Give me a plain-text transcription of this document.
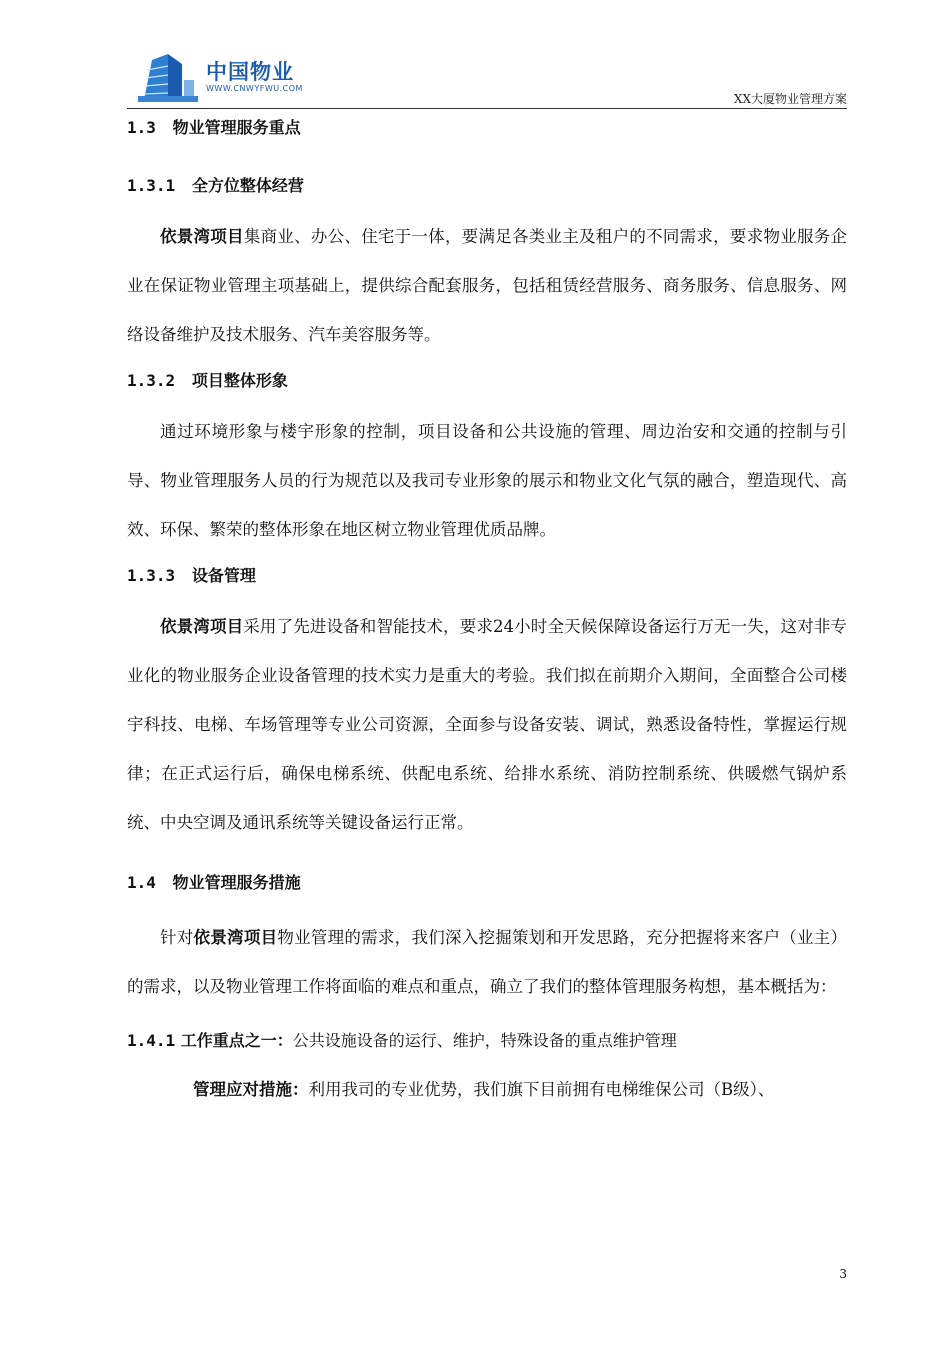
中国物业
WWW.CNWYFWU.COM
XX大厦物业管理方案
1.3 物业管理服务重点
1.3.1 全方位整体经营

依景湾项目集商业、办公、住宅于一体，要满足各类业主及租户的不同需求，要求物业服务企业在保证物业管理主项基础上，提供综合配套服务，包括租赁经营服务、商务服务、信息服务、网络设备维护及技术服务、汽车美容服务等。

1.3.2 项目整体形象

通过环境形象与楼宇形象的控制，项目设备和公共设施的管理、周边治安和交通的控制与引导、物业管理服务人员的行为规范以及我司专业形象的展示和物业文化气氛的融合，塑造现代、高效、环保、繁荣的整体形象在地区树立物业管理优质品牌。

1.3.3 设备管理

依景湾项目采用了先进设备和智能技术，要求24小时全天候保障设备运行万无一失，这对非专业化的物业服务企业设备管理的技术实力是重大的考验。我们拟在前期介入期间，全面整合公司楼宇科技、电梯、车场管理等专业公司资源，全面参与设备安装、调试，熟悉设备特性，掌握运行规律；在正式运行后，确保电梯系统、供配电系统、给排水系统、消防控制系统、供暖燃气锅炉系统、中央空调及通讯系统等关键设备运行正常。

1.4 物业管理服务措施

针对依景湾项目物业管理的需求，我们深入挖掘策划和开发思路，充分把握将来客户（业主）的需求，以及物业管理工作将面临的难点和重点，确立了我们的整体管理服务构想，基本概括为：

1.4.1 工作重点之一：公共设施设备的运行、维护，特殊设备的重点维护管理

管理应对措施：利用我司的专业优势，我们旗下目前拥有电梯维保公司（B级）、

3
